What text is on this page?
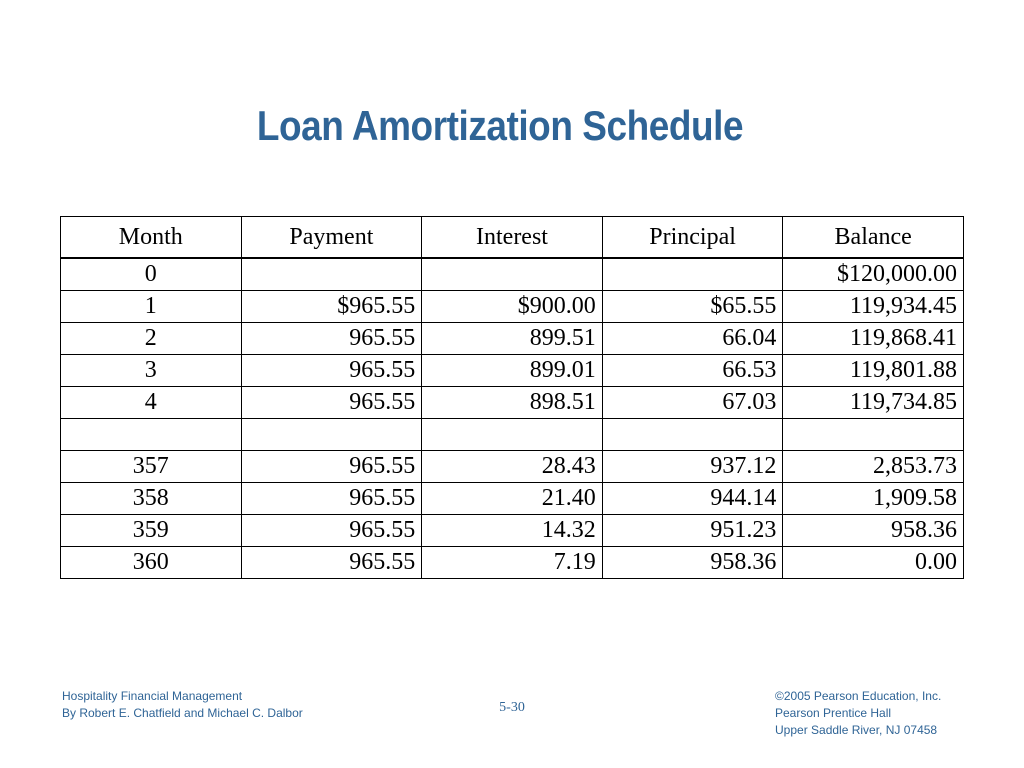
Loan Amortization Schedule
Month	Payment	Interest	Principal	Balance
0				$120,000.00
1	$965.55	$900.00	$65.55	119,934.45
2	965.55	899.51	66.04	119,868.41
3	965.55	899.01	66.53	119,801.88
4	965.55	898.51	67.03	119,734.85

357	965.55	28.43	937.12	2,853.73
358	965.55	21.40	944.14	1,909.58
359	965.55	14.32	951.23	958.36
360	965.55	7.19	958.36	0.00
Hospitality Financial Management
By Robert E. Chatfield and Michael C. Dalbor	5-30
©2005 Pearson Education, Inc.
Pearson Prentice Hall
Upper Saddle River, NJ 07458
